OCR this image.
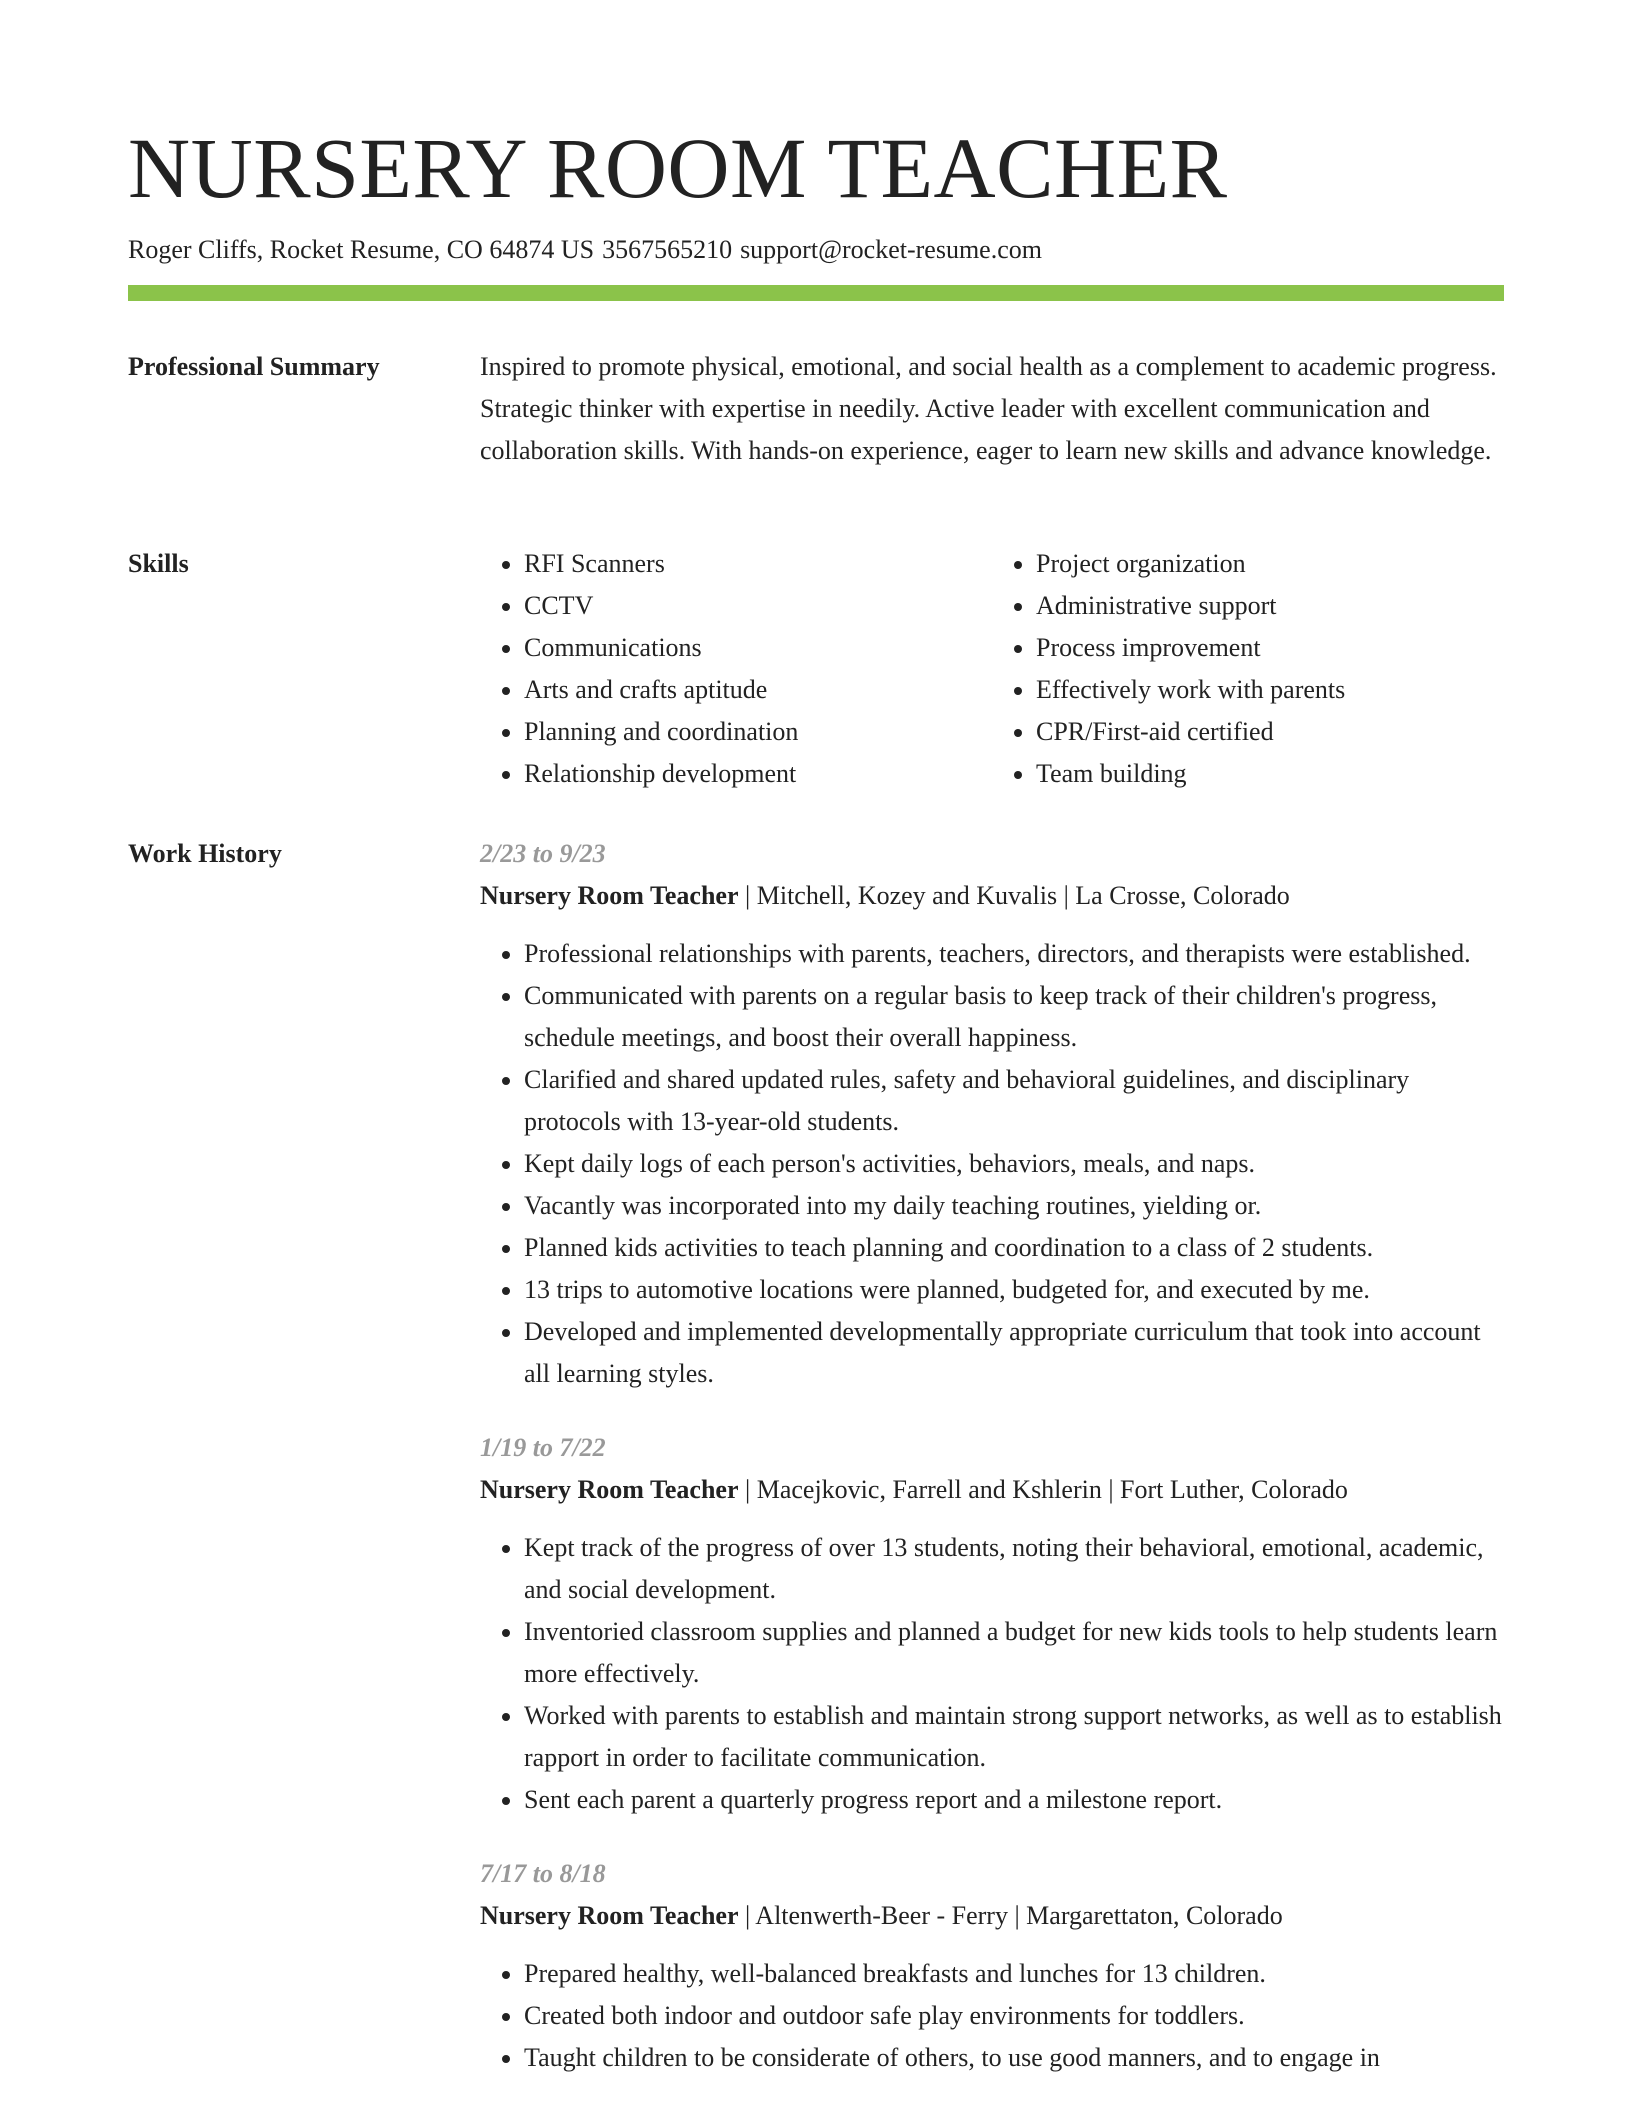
NURSERY ROOM TEACHER
Roger Cliffs, Rocket Resume, CO 64874 US 3567565210 support@rocket-resume.com
Professional Summary	Inspired to promote physical, emotional, and social health as a complement to academic progress. Strategic thinker with expertise in needily. Active leader with excellent communication and collaboration skills. With hands-on experience, eager to learn new skills and advance knowledge.

Skills
•	RFI Scanners
• CCTV
• Communications
• Arts and crafts aptitude
• Planning and coordination
• Relationship development
• Project organization
• Administrative support
• Process improvement
• Effectively work with parents
• CPR/First-aid certified
• Team building
Work History	2/23 to 9/23
Nursery Room Teacher | Mitchell, Kozey and Kuvalis | La Crosse, Colorado
• Professional relationships with parents, teachers, directors, and therapists were established.
• Communicated with parents on a regular basis to keep track of their children's progress, schedule meetings, and boost their overall happiness.
• Clarified and shared updated rules, safety and behavioral guidelines, and disciplinary protocols with 13-year-old students.
• Kept daily logs of each person's activities, behaviors, meals, and naps.
• Vacantly was incorporated into my daily teaching routines, yielding or.
• Planned kids activities to teach planning and coordination to a class of 2 students.
• 13 trips to automotive locations were planned, budgeted for, and executed by me.
• Developed and implemented developmentally appropriate curriculum that took into account all learning styles.
1/19 to 7/22
Nursery Room Teacher | Macejkovic, Farrell and Kshlerin | Fort Luther, Colorado
• Kept track of the progress of over 13 students, noting their behavioral, emotional, academic, and social development.
• Inventoried classroom supplies and planned a budget for new kids tools to help students learn more effectively.
• Worked with parents to establish and maintain strong support networks, as well as to establish rapport in order to facilitate communication.
• Sent each parent a quarterly progress report and a milestone report.
7/17 to 8/18
Nursery Room Teacher | Altenwerth-Beer - Ferry | Margarettaton, Colorado
• Prepared healthy, well-balanced breakfasts and lunches for 13 children.
• Created both indoor and outdoor safe play environments for toddlers.
• Taught children to be considerate of others, to use good manners, and to engage in
